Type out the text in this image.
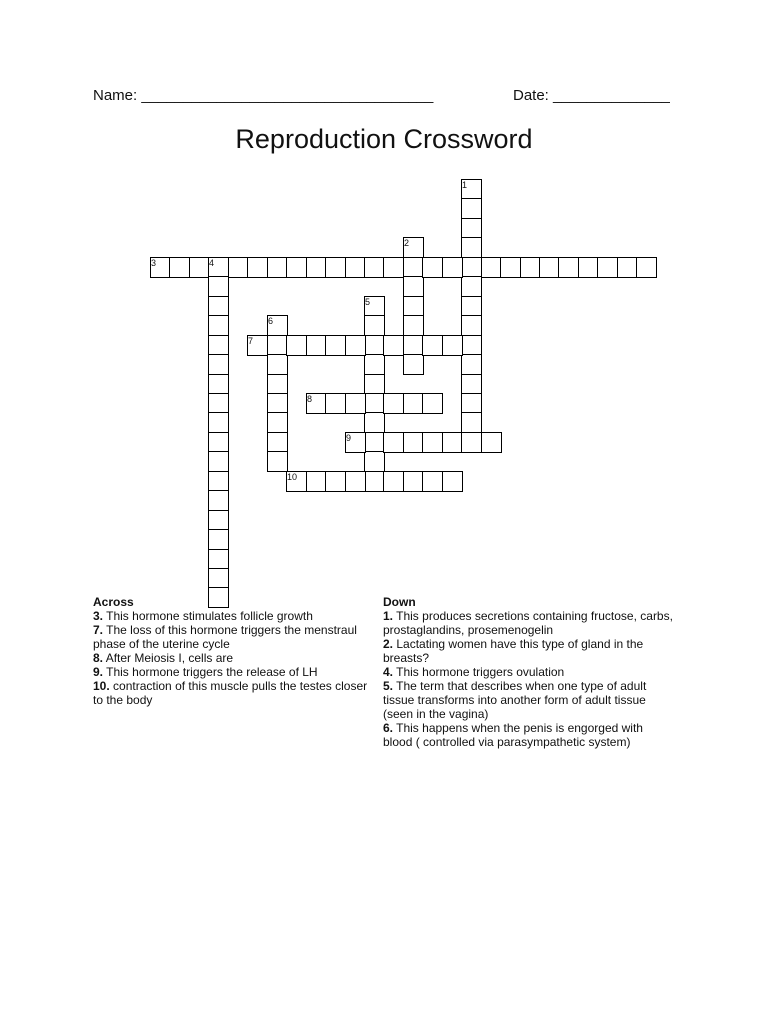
Name: ___________________________________	Date: ______________
Reproduction Crossword
1
2
3	4
5
6
7
8
9
10
Across
3. This hormone stimulates follicle growth
7. The loss of this hormone triggers the menstraul phase of the uterine cycle
8. After Meiosis I, cells are
9. This hormone triggers the release of LH
10. contraction of this muscle pulls the testes closer to the body
Down
1. This produces secretions containing fructose, carbs, prostaglandins, prosemenogelin
2. Lactating women have this type of gland in the breasts?
4. This hormone triggers ovulation
5. The term that describes when one type of adult tissue transforms into another form of adult tissue (seen in the vagina)
6. This happens when the penis is engorged with blood ( controlled via parasympathetic system)
